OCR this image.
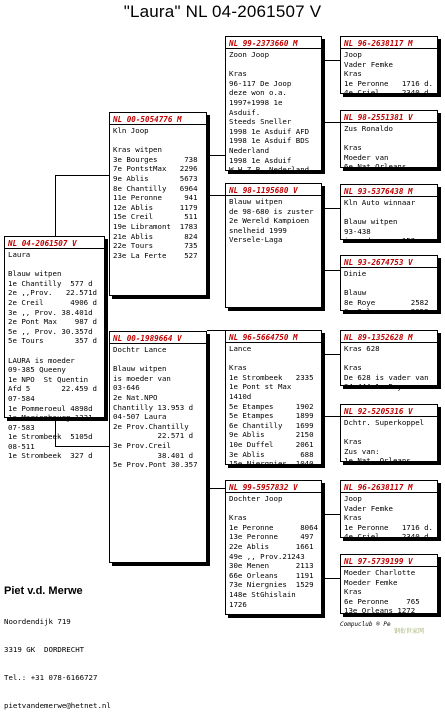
"Laura" NL 04-2061507 V
NL 04-2061507 V
Laura

Blauw witpen
1e Chantilly  577 d
2e ,,Prov.   22.571d
2e Creil      4906 d
3e ,, Prov. 38.401d
2e Pont Max    987 d
5e ,, Prov. 30.357d
5e Tours       357 d

LAURA is moeder
09-385 Queeny
1e NPO  St Quentin
Afd 5       22.459 d
07-584
1e Pommeroeul 4898d
1e Marienbourg 1231
07-583
1e Strombeek  5105d
08-511
1e Strombeek  327 d
NL 00-5054776 M
Kln Joop

Kras witpen
3e Bourges      738
7e PontstMax   2296
9e Ablis       5673
8e Chantilly   6964
11e Peronne     941
12e Ablis      1179
15e Creil       511
19e Libramont  1783
21e Ablis       824
22e Tours       735
23e La Ferte    527
NL 00-1989664 V
Dochtr Lance

Blauw witpen
is moeder van
03-646
2e Nat.NPO
Chantilly 13.953 d
04-507 Laura
2e Prov.Chantilly
22.571 d
3e Prov.Creil
38.401 d
5e Prov.Pont 30.357
NL 99-2373660 M
Zoon Joop

Kras
96-117 De Joop
deze won o.a.
1997+1998 1e
Asduif.
Steeds Sneller
1998 1e Asduif AFD
1998 1e Asduif BDS
Nederland
1998 1e Asduif
W.H.Z.B. Nederland
NL 98-1195680 V
Blauw witpen
de 98-680 is zuster
2e Wereld Kampioen
snelheid 1999
Versele-Laga
NL 96-5664750 M
Lance

Kras
1e Strombeek   2335
1e Pont st Max
1410d
5e Etampes     1902
5e Etampes     1899
6e Chantilly   1699
9e Ablis       2150
10e Duffel     2061
3e Ablis        688
15e Niergnies  1040
NL 99-5957832 V
Dochter Joop

Kras
1e Peronne      8064
13e Peronne     497
22e Ablis      1661
49e ,, Prov.21243
30e Menen      2113
66e Orleans    1191
73e Niergnies  1529
148e StGhislain
1726
NL 96-2638117 M
Joop
Vader Femke
Kras
1e Peronne   1716 d.
4e Criel     2340 d.
NL 98-2551381 V
Zus Ronaldo

Kras
Moeder van
6e Nat.Orleans
NL 93-5376438 M
Kln Auto winnaar

Blauw witpen
93-438
is vader van 159
NL 93-2674753 V
Dinie

Blauw
8e Roye        2582
8e Orleans     2353
NL 89-1352628 M
Kras 628

Kras
De 628 is vader van
94-444 1e Roye
NL 92-5205316 V
Dchtr. Superkoppel

Kras
Zus van:
1e Nat. Orleans
NL 96-2638117 M
Joop
Vader Femke
Kras
1e Peronne   1716 d.
4e Criel     2340 d.
NL 97-5739199 V
Moeder Charlotte
Moeder Femke
Kras
6e Peronne    765
13e Orleans 1272

Piet v.d. Merwe

Noordendijk 719

3319 GK  DORDRECHT

Tel.: +31 078-6166727

pietvandemerwe@hetnet.nl

Compuclub ® Pe
钢衔世家网
